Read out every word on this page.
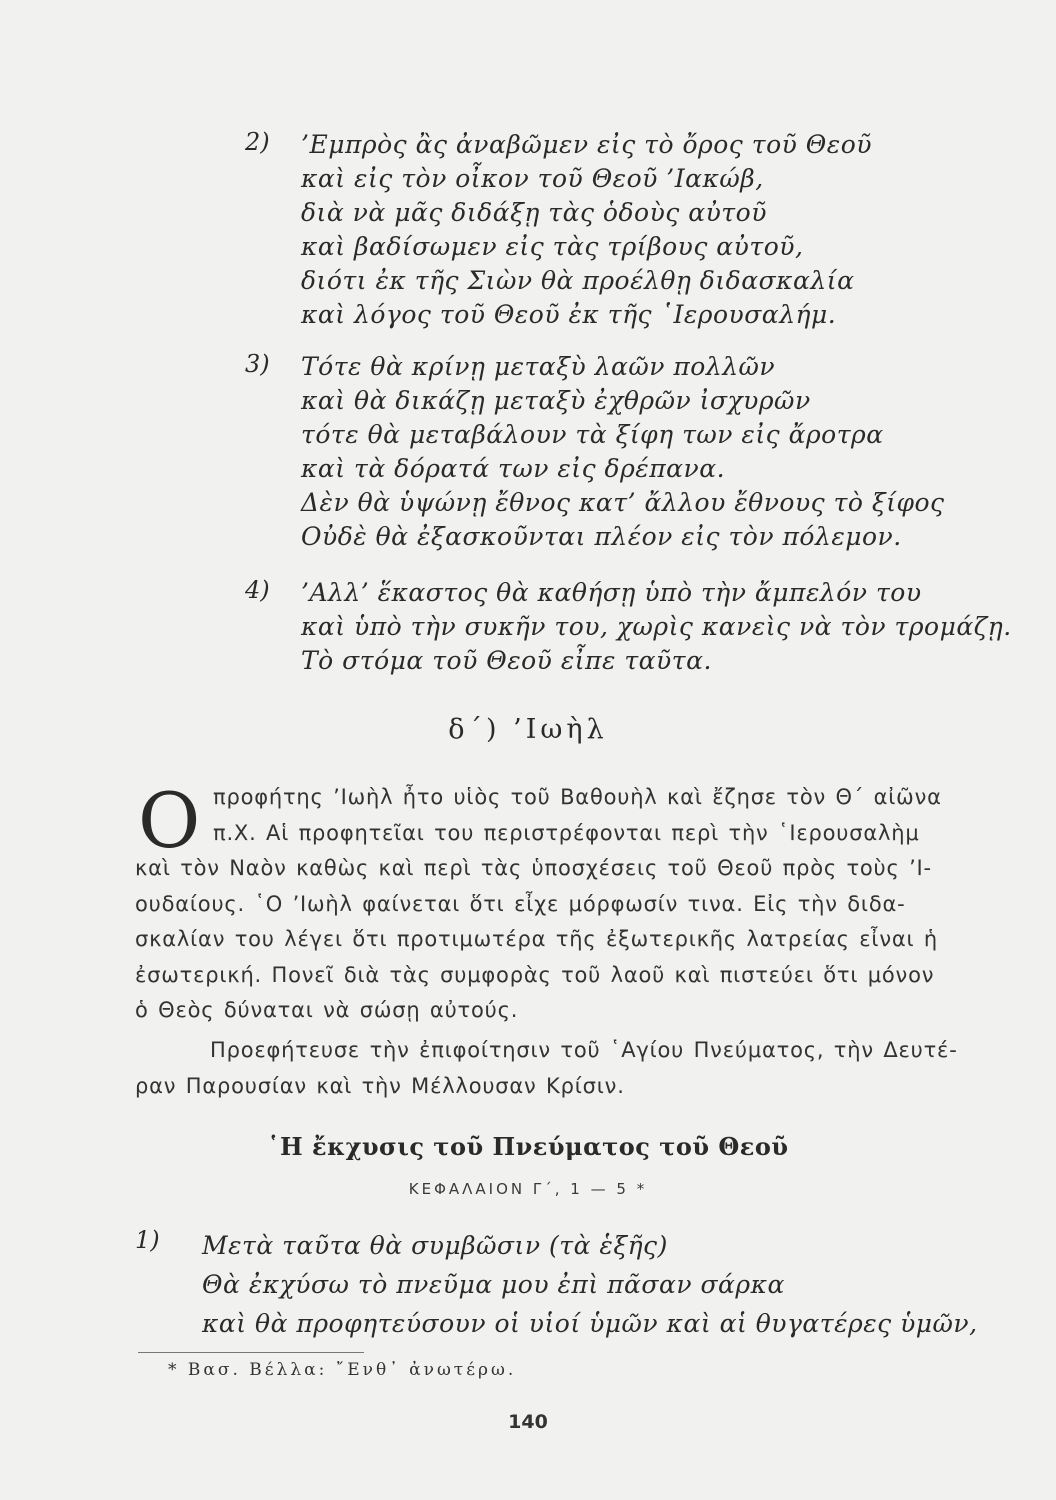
2) ’Εμπρὸς ἂς ἀναβῶμεν εἰς τὸ ὄρος τοῦ Θεοῦ
καὶ εἰς τὸν οἶκον τοῦ Θεοῦ ’Ιακώβ,
διὰ νὰ μᾶς διδάξῃ τὰς ὁδοὺς αὐτοῦ
καὶ βαδίσωμεν εἰς τὰς τρίβους αὐτοῦ,
διότι ἐκ τῆς Σιὼν θὰ προέλθῃ διδασκαλία
καὶ λόγος τοῦ Θεοῦ ἐκ τῆς ῾Ιερουσαλήμ.
3) Τότε θὰ κρίνῃ μεταξὺ λαῶν πολλῶν
καὶ θὰ δικάζῃ μεταξὺ ἐχθρῶν ἰσχυρῶν
τότε θὰ μεταβάλουν τὰ ξίφη των εἰς ἄροτρα
καὶ τὰ δόρατά των εἰς δρέπανα.
Δὲν θὰ ὑψώνῃ ἔθνος κατ’ ἄλλου ἔθνους τὸ ξίφος
Οὐδὲ θὰ ἐξασκοῦνται πλέον εἰς τὸν πόλεμον.
4) ’Αλλ’ ἕκαστος θὰ καθήσῃ ὑπὸ τὴν ἄμπελόν του
καὶ ὑπὸ τὴν συκῆν του, χωρὶς κανεὶς νὰ τὸν τρομάζῃ.
Τὸ στόμα τοῦ Θεοῦ εἶπε ταῦτα.
δ΄) ’Ιωὴλ
Ο προφήτης ’Ιωὴλ ἦτο υἱὸς τοῦ Βαθουὴλ καὶ ἔζησε τὸν Θ΄ αἰῶνα
π.Χ. Αἱ προφητεῖαι του περιστρέφονται περὶ τὴν ῾Ιερουσαλὴμ
καὶ τὸν Ναὸν καθὼς καὶ περὶ τὰς ὑποσχέσεις τοῦ Θεοῦ πρὸς τοὺς ’Ι-
ουδαίους. ῾Ο ’Ιωὴλ φαίνεται ὅτι εἶχε μόρφωσίν τινα. Εἰς τὴν διδα-
σκαλίαν του λέγει ὅτι προτιμωτέρα τῆς ἐξωτερικῆς λατρείας εἶναι ἡ
ἐσωτερική. Πονεῖ διὰ τὰς συμφορὰς τοῦ λαοῦ καὶ πιστεύει ὅτι μόνον
ὁ Θεὸς δύναται νὰ σώσῃ αὐτούς.
Προεφήτευσε τὴν ἐπιφοίτησιν τοῦ ῾Αγίου Πνεύματος, τὴν Δευτέ-
ραν Παρουσίαν καὶ τὴν Μέλλουσαν Κρίσιν.
῾Η ἔκχυσις τοῦ Πνεύματος τοῦ Θεοῦ
ΚΕΦΑΛΑΙΟΝ Γ΄, 1 — 5 *
1) Μετὰ ταῦτα θὰ συμβῶσιν (τὰ ἑξῆς)
Θὰ ἐκχύσω τὸ πνεῦμα μου ἐπὶ πᾶσαν σάρκα
καὶ θὰ προφητεύσουν οἱ υἱοί ὑμῶν καὶ αἱ θυγατέρες ὑμῶν,
* Βασ. Βέλλα: ῎Ενθ᾽ ἀνωτέρω.
140
